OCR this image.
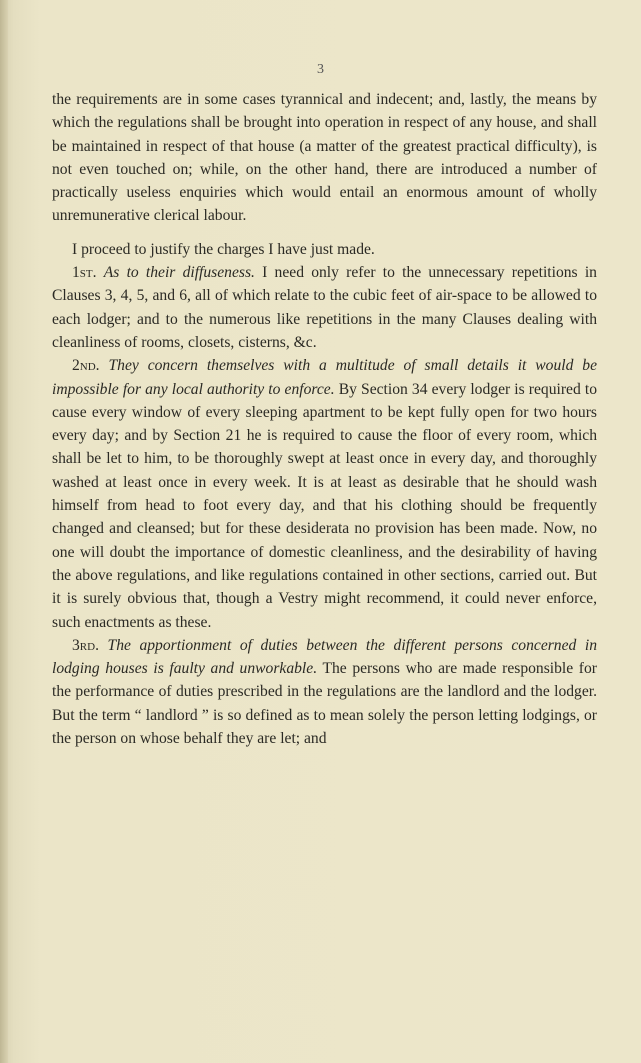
3

the requirements are in some cases tyrannical and indecent; and, lastly, the means by which the regulations shall be brought into operation in respect of any house, and shall be maintained in respect of that house (a matter of the greatest practical difficulty), is not even touched on; while, on the other hand, there are introduced a number of practically useless enquiries which would entail an enormous amount of wholly unremunerative clerical labour.

I proceed to justify the charges I have just made.

1st. As to their diffuseness. I need only refer to the unnecessary repetitions in Clauses 3, 4, 5, and 6, all of which relate to the cubic feet of air-space to be allowed to each lodger; and to the numerous like repetitions in the many Clauses dealing with cleanliness of rooms, closets, cisterns, &c.

2nd. They concern themselves with a multitude of small details it would be impossible for any local authority to enforce. By Section 34 every lodger is required to cause every window of every sleeping apartment to be kept fully open for two hours every day; and by Section 21 he is required to cause the floor of every room, which shall be let to him, to be thoroughly swept at least once in every day, and thoroughly washed at least once in every week. It is at least as desirable that he should wash himself from head to foot every day, and that his clothing should be frequently changed and cleansed; but for these desiderata no provision has been made. Now, no one will doubt the importance of domestic cleanliness, and the desirability of having the above regulations, and like regulations contained in other sections, carried out. But it is surely obvious that, though a Vestry might recommend, it could never enforce, such enactments as these.

3rd. The apportionment of duties between the different persons concerned in lodging houses is faulty and unworkable. The persons who are made responsible for the performance of duties prescribed in the regulations are the landlord and the lodger. But the term “ landlord ” is so defined as to mean solely the person letting lodgings, or the person on whose behalf they are let; and
